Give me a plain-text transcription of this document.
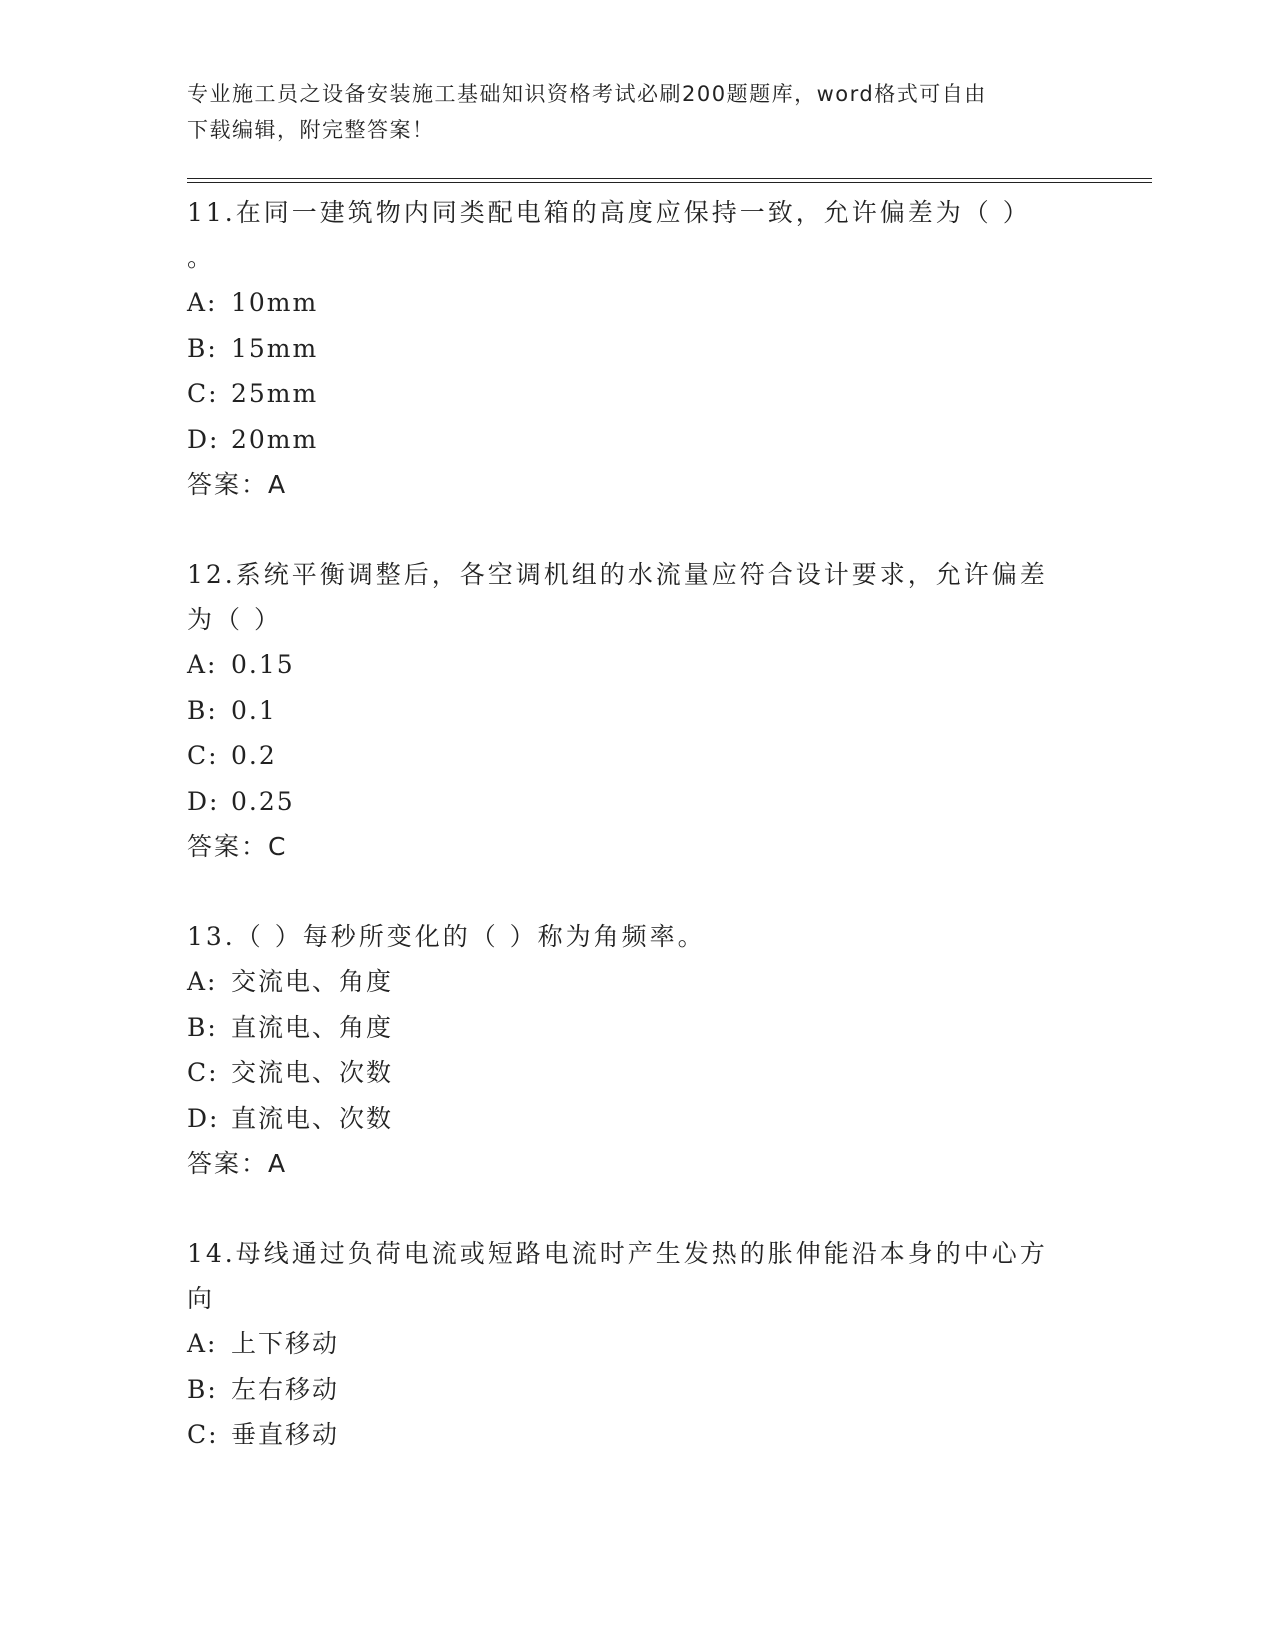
专业施工员之设备安装施工基础知识资格考试必刷200题题库，word格式可自由
下载编辑，附完整答案！

11.在同一建筑物内同类配电箱的高度应保持一致，允许偏差为（ ）

。

A: 10mm

B: 15mm

C: 25mm

D: 20mm

答案：A

12.系统平衡调整后，各空调机组的水流量应符合设计要求，允许偏差

为（ ）

A: 0.15

B: 0.1

C: 0.2

D: 0.25

答案：C

13.（ ）每秒所变化的（ ）称为角频率。

A: 交流电、角度

B: 直流电、角度

C: 交流电、次数

D: 直流电、次数

答案：A

14.母线通过负荷电流或短路电流时产生发热的胀伸能沿本身的中心方

向

A: 上下移动

B: 左右移动

C: 垂直移动
